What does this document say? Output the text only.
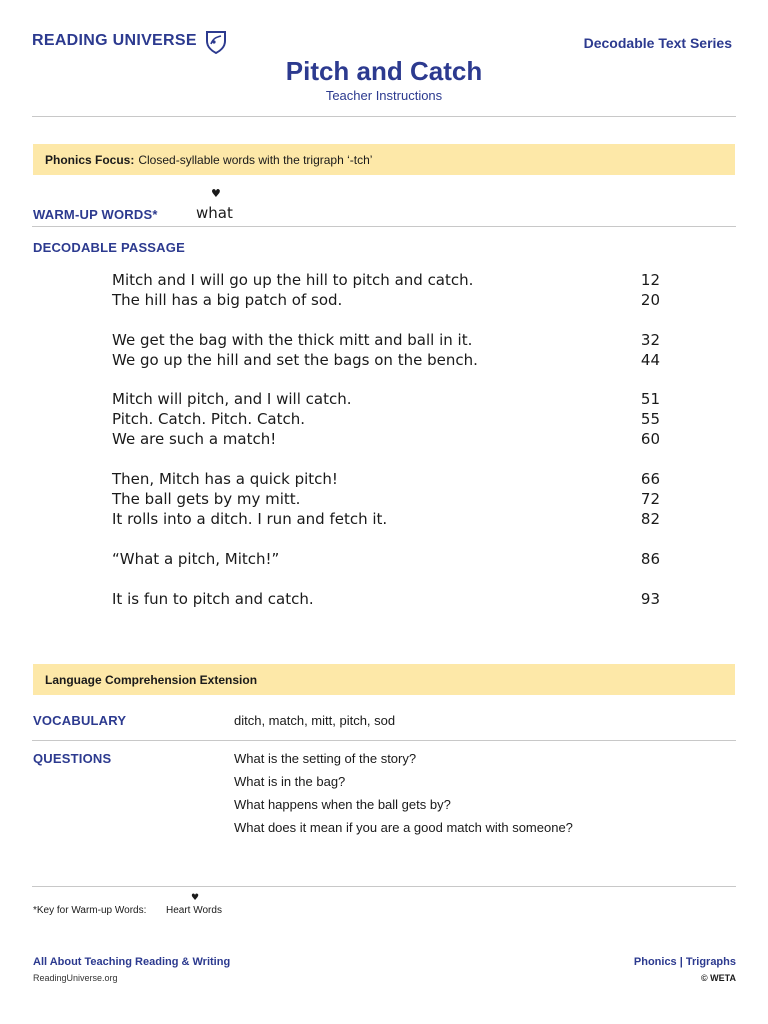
READING UNIVERSE	Decodable Text Series
Pitch and Catch
Teacher Instructions
Phonics Focus: Closed-syllable words with the trigraph ‘-tch’
WARM-UP WORDS*
♥
what
DECODABLE PASSAGE
Mitch and I will go up the hill to pitch and catch.	12
The hill has a big patch of sod.	20
We get the bag with the thick mitt and ball in it.	32
We go up the hill and set the bags on the bench.	44
Mitch will pitch, and I will catch.	51
Pitch. Catch. Pitch. Catch.	55
We are such a match!	60
Then, Mitch has a quick pitch!	66
The ball gets by my mitt.	72
It rolls into a ditch. I run and fetch it.	82
“What a pitch, Mitch!”	86
It is fun to pitch and catch.	93
Language Comprehension Extension
VOCABULARY	ditch, match, mitt, pitch, sod
QUESTIONS	What is the setting of the story?
What is in the bag?
What happens when the ball gets by?
What does it mean if you are a good match with someone?
*Key for Warm-up Words:
♥
Heart Words
All About Teaching Reading & Writing
ReadingUniverse.org
Phonics | Trigraphs
© WETA
